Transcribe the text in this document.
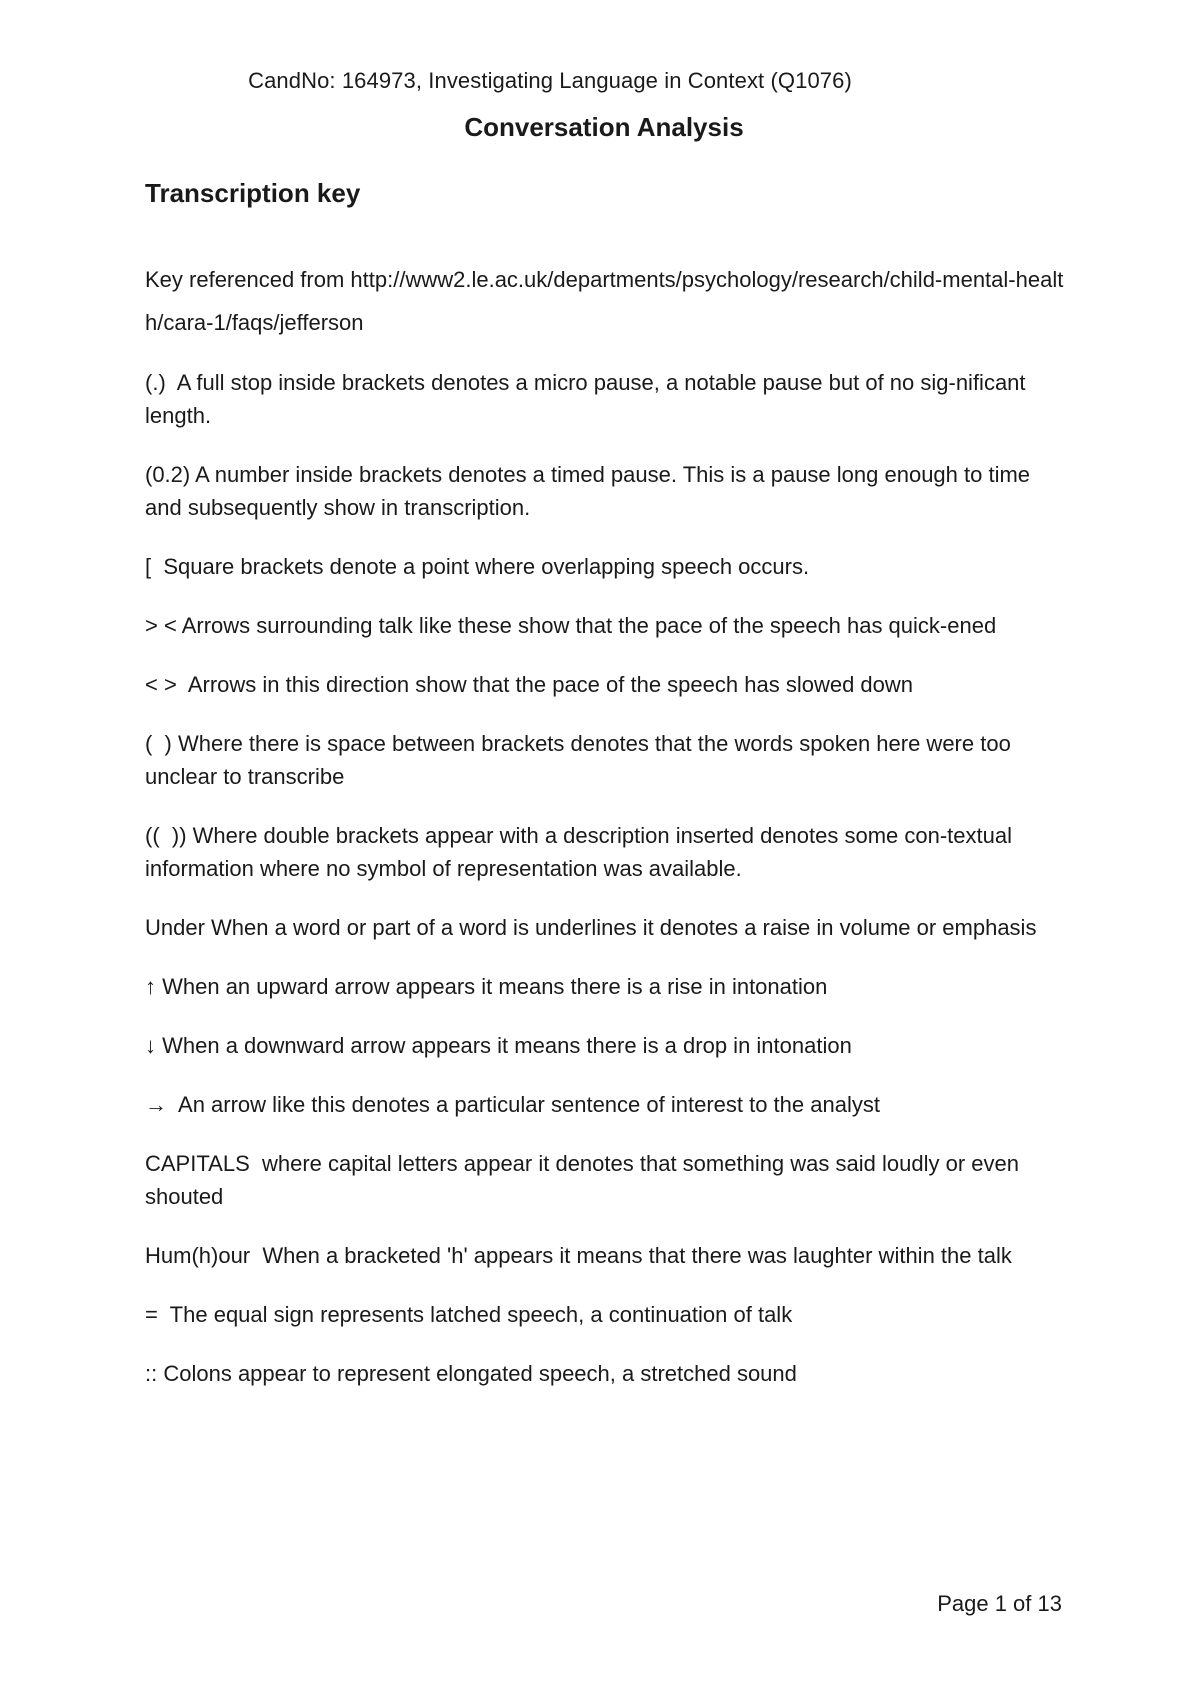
CandNo: 164973, Investigating Language in Context (Q1076)
Conversation Analysis
Transcription key

Key referenced from http://www2.le.ac.uk/departments/psychology/research/child-mental-health/cara-1/faqs/jefferson

(.)  A full stop inside brackets denotes a micro pause, a notable pause but of no sig-nificant length.

(0.2) A number inside brackets denotes a timed pause. This is a pause long enough to time and subsequently show in transcription.

[  Square brackets denote a point where overlapping speech occurs.

> < Arrows surrounding talk like these show that the pace of the speech has quick-ened

< >  Arrows in this direction show that the pace of the speech has slowed down

(  ) Where there is space between brackets denotes that the words spoken here were too unclear to transcribe

((  )) Where double brackets appear with a description inserted denotes some con-textual information where no symbol of representation was available.

Under When a word or part of a word is underlines it denotes a raise in volume or emphasis

↑ When an upward arrow appears it means there is a rise in intonation

↓ When a downward arrow appears it means there is a drop in intonation

→  An arrow like this denotes a particular sentence of interest to the analyst

CAPITALS  where capital letters appear it denotes that something was said loudly or even shouted

Hum(h)our  When a bracketed 'h' appears it means that there was laughter within the talk

=  The equal sign represents latched speech, a continuation of talk

:: Colons appear to represent elongated speech, a stretched sound

Page 1 of 13
